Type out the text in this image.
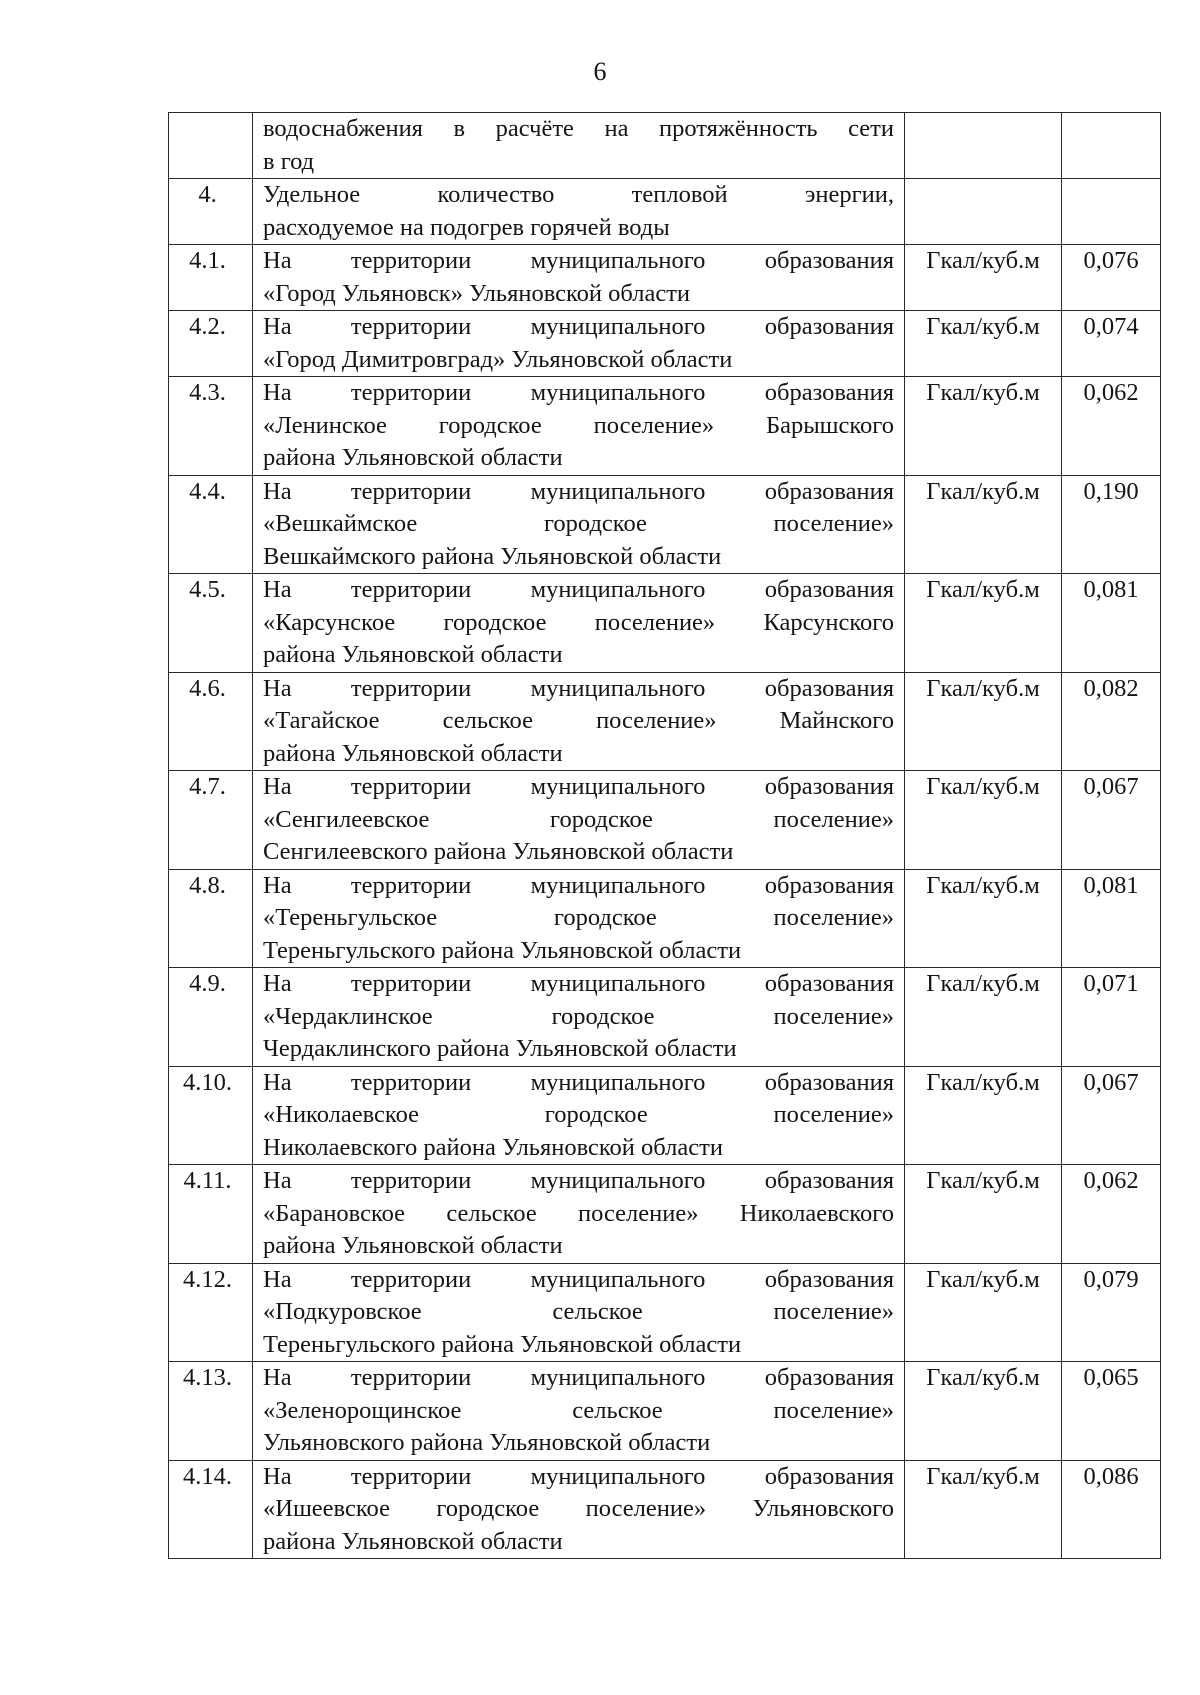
6

	водоснабжения в расчёте на протяжённость сети
в год		

4.	Удельное количество тепловой энергии,
расходуемое на подогрев горячей воды		

4.1.	На территории муниципального образования
«Город Ульяновск» Ульяновской области	Гкал/куб.м	0,076
4.2.	На территории муниципального образования
«Город Димитровград» Ульяновской области	Гкал/куб.м	0,074
4.3.	На территории муниципального образования
«Ленинское городское поселение» Барышского
района Ульяновской области	Гкал/куб.м	0,062
4.4.	На территории муниципального образования
«Вешкаймское городское поселение»
Вешкаймского района Ульяновской области	Гкал/куб.м	0,190
4.5.	На территории муниципального образования
«Карсунское городское поселение» Карсунского
района Ульяновской области	Гкал/куб.м	0,081
4.6.	На территории муниципального образования
«Тагайское сельское поселение» Майнского
района Ульяновской области	Гкал/куб.м	0,082
4.7.	На территории муниципального образования
«Сенгилеевское городское поселение»
Сенгилеевского района Ульяновской области	Гкал/куб.м	0,067
4.8.	На территории муниципального образования
«Тереньгульское городское поселение»
Тереньгульского района Ульяновской области	Гкал/куб.м	0,081
4.9.	На территории муниципального образования
«Чердаклинское городское поселение»
Чердаклинского района Ульяновской области	Гкал/куб.м	0,071
4.10.	На территории муниципального образования
«Николаевское городское поселение»
Николаевского района Ульяновской области	Гкал/куб.м	0,067
4.11.	На территории муниципального образования
«Барановское сельское поселение» Николаевского
района Ульяновской области	Гкал/куб.м	0,062
4.12.	На территории муниципального образования
«Подкуровское сельское поселение»
Тереньгульского района Ульяновской области	Гкал/куб.м	0,079
4.13.	На территории муниципального образования
«Зеленорощинское сельское поселение»
Ульяновского района Ульяновской области	Гкал/куб.м	0,065
4.14.	На территории муниципального образования
«Ишеевское городское поселение» Ульяновского
района Ульяновской области	Гкал/куб.м	0,086
